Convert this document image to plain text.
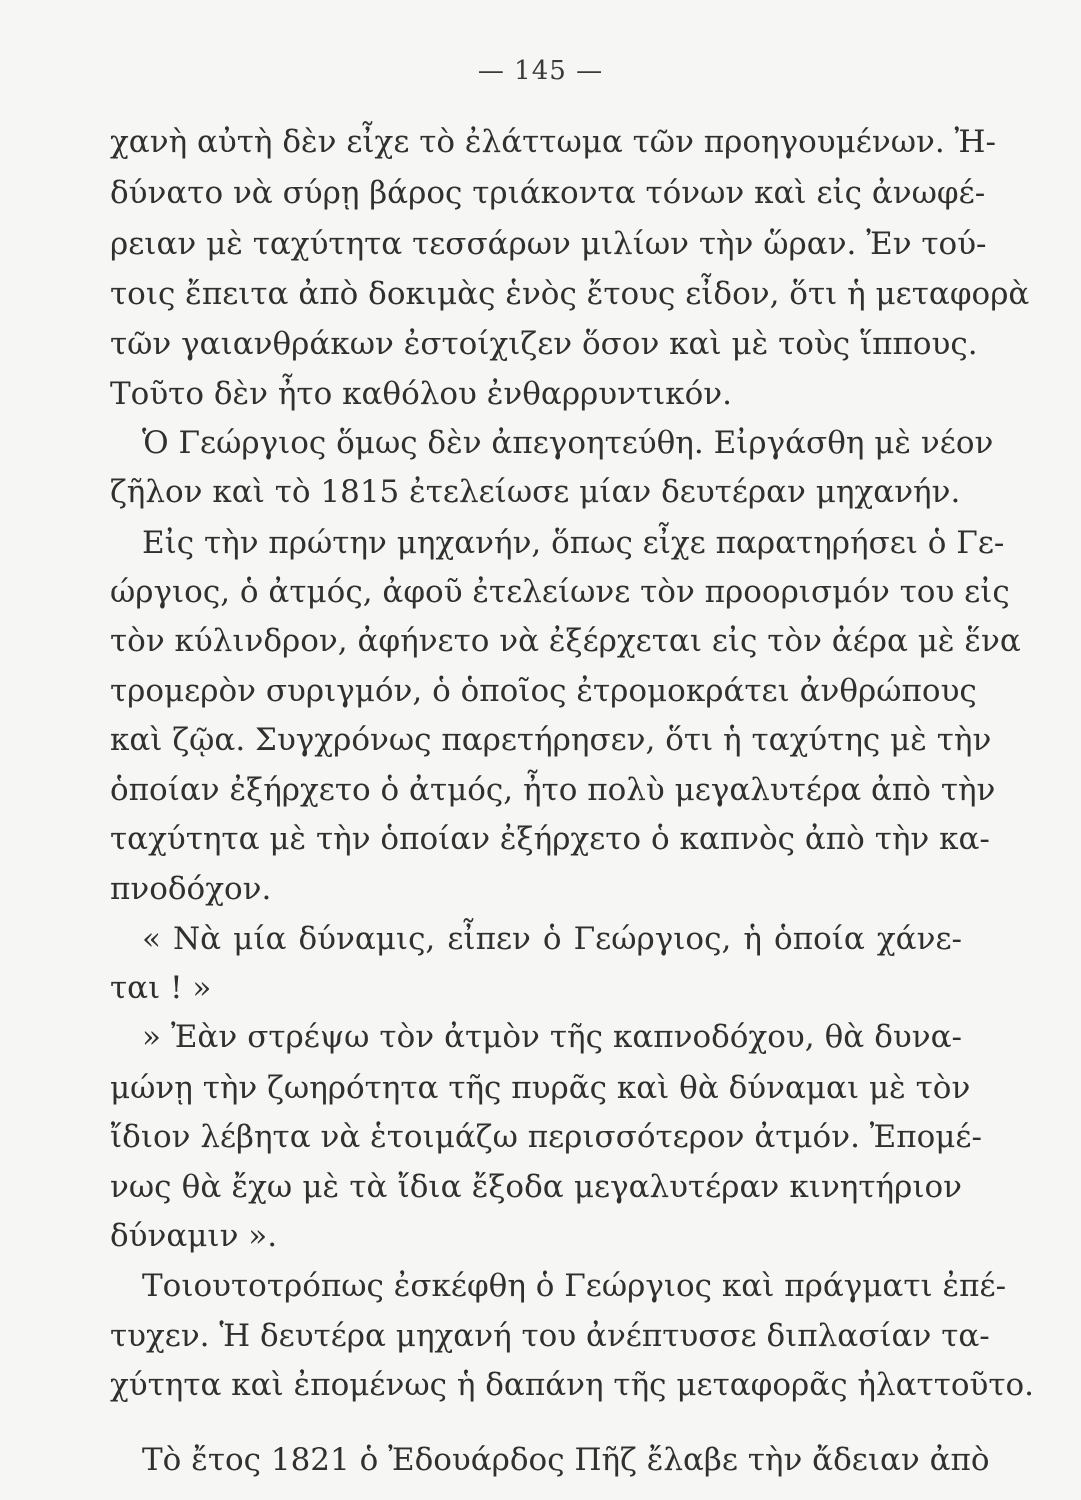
— 145 —
χανὴ αὐτὴ δὲν εἶχε τὸ ἐλάττωμα τῶν προηγουμένων. Ἠ-
δύνατο νὰ σύρῃ βάρος τριάκοντα τόνων καὶ εἰς ἀνωφέ-
ρειαν μὲ ταχύτητα τεσσάρων μιλίων τὴν ὥραν. Ἐν τού-
τοις ἔπειτα ἀπὸ δοκιμὰς ἑνὸς ἔτους εἶδον, ὅτι ἡ μεταφορὰ
τῶν γαιανθράκων ἐστοίχιζεν ὅσον καὶ μὲ τοὺς ἵππους.
Τοῦτο δὲν ἦτο καθόλου ἐνθαρρυντικόν.
Ὁ Γεώργιος ὅμως δὲν ἀπεγοητεύθη. Εἰργάσθη μὲ νέον
ζῆλον καὶ τὸ 1815 ἐτελείωσε μίαν δευτέραν μηχανήν.
Εἰς τὴν πρώτην μηχανήν, ὅπως εἶχε παρατηρήσει ὁ Γε-
ώργιος, ὁ ἀτμός, ἀφοῦ ἐτελείωνε τὸν προορισμόν του εἰς
τὸν κύλινδρον, ἀφήνετο νὰ ἐξέρχεται εἰς τὸν ἀέρα μὲ ἕνα
τρομερὸν συριγμόν, ὁ ὁποῖος ἐτρομοκράτει ἀνθρώπους
καὶ ζῷα. Συγχρόνως παρετήρησεν, ὅτι ἡ ταχύτης μὲ τὴν
ὁποίαν ἐξήρχετο ὁ ἀτμός, ἦτο πολὺ μεγαλυτέρα ἀπὸ τὴν
ταχύτητα μὲ τὴν ὁποίαν ἐξήρχετο ὁ καπνὸς ἀπὸ τὴν κα-
πνοδόχον.
« Νὰ μία δύναμις, εἶπεν ὁ Γεώργιος, ἡ ὁποία χάνε-
ται ! »
» Ἐὰν στρέψω τὸν ἀτμὸν τῆς καπνοδόχου, θὰ δυνα-
μώνῃ τὴν ζωηρότητα τῆς πυρᾶς καὶ θὰ δύναμαι μὲ τὸν
ἴδιον λέβητα νὰ ἑτοιμάζω περισσότερον ἀτμόν. Ἐπομέ-
νως θὰ ἔχω μὲ τὰ ἴδια ἔξοδα μεγαλυτέραν κινητήριον
δύναμιν ».
Τοιουτοτρόπως ἐσκέφθη ὁ Γεώργιος καὶ πράγματι ἐπέ-
τυχεν. Ἡ δευτέρα μηχανή του ἀνέπτυσσε διπλασίαν τα-
χύτητα καὶ ἐπομένως ἡ δαπάνη τῆς μεταφορᾶς ἠλαττοῦτο.
Τὸ ἔτος 1821 ὁ Ἐδουάρδος Πῆζ ἔλαβε τὴν ἄδειαν ἀπὸ
